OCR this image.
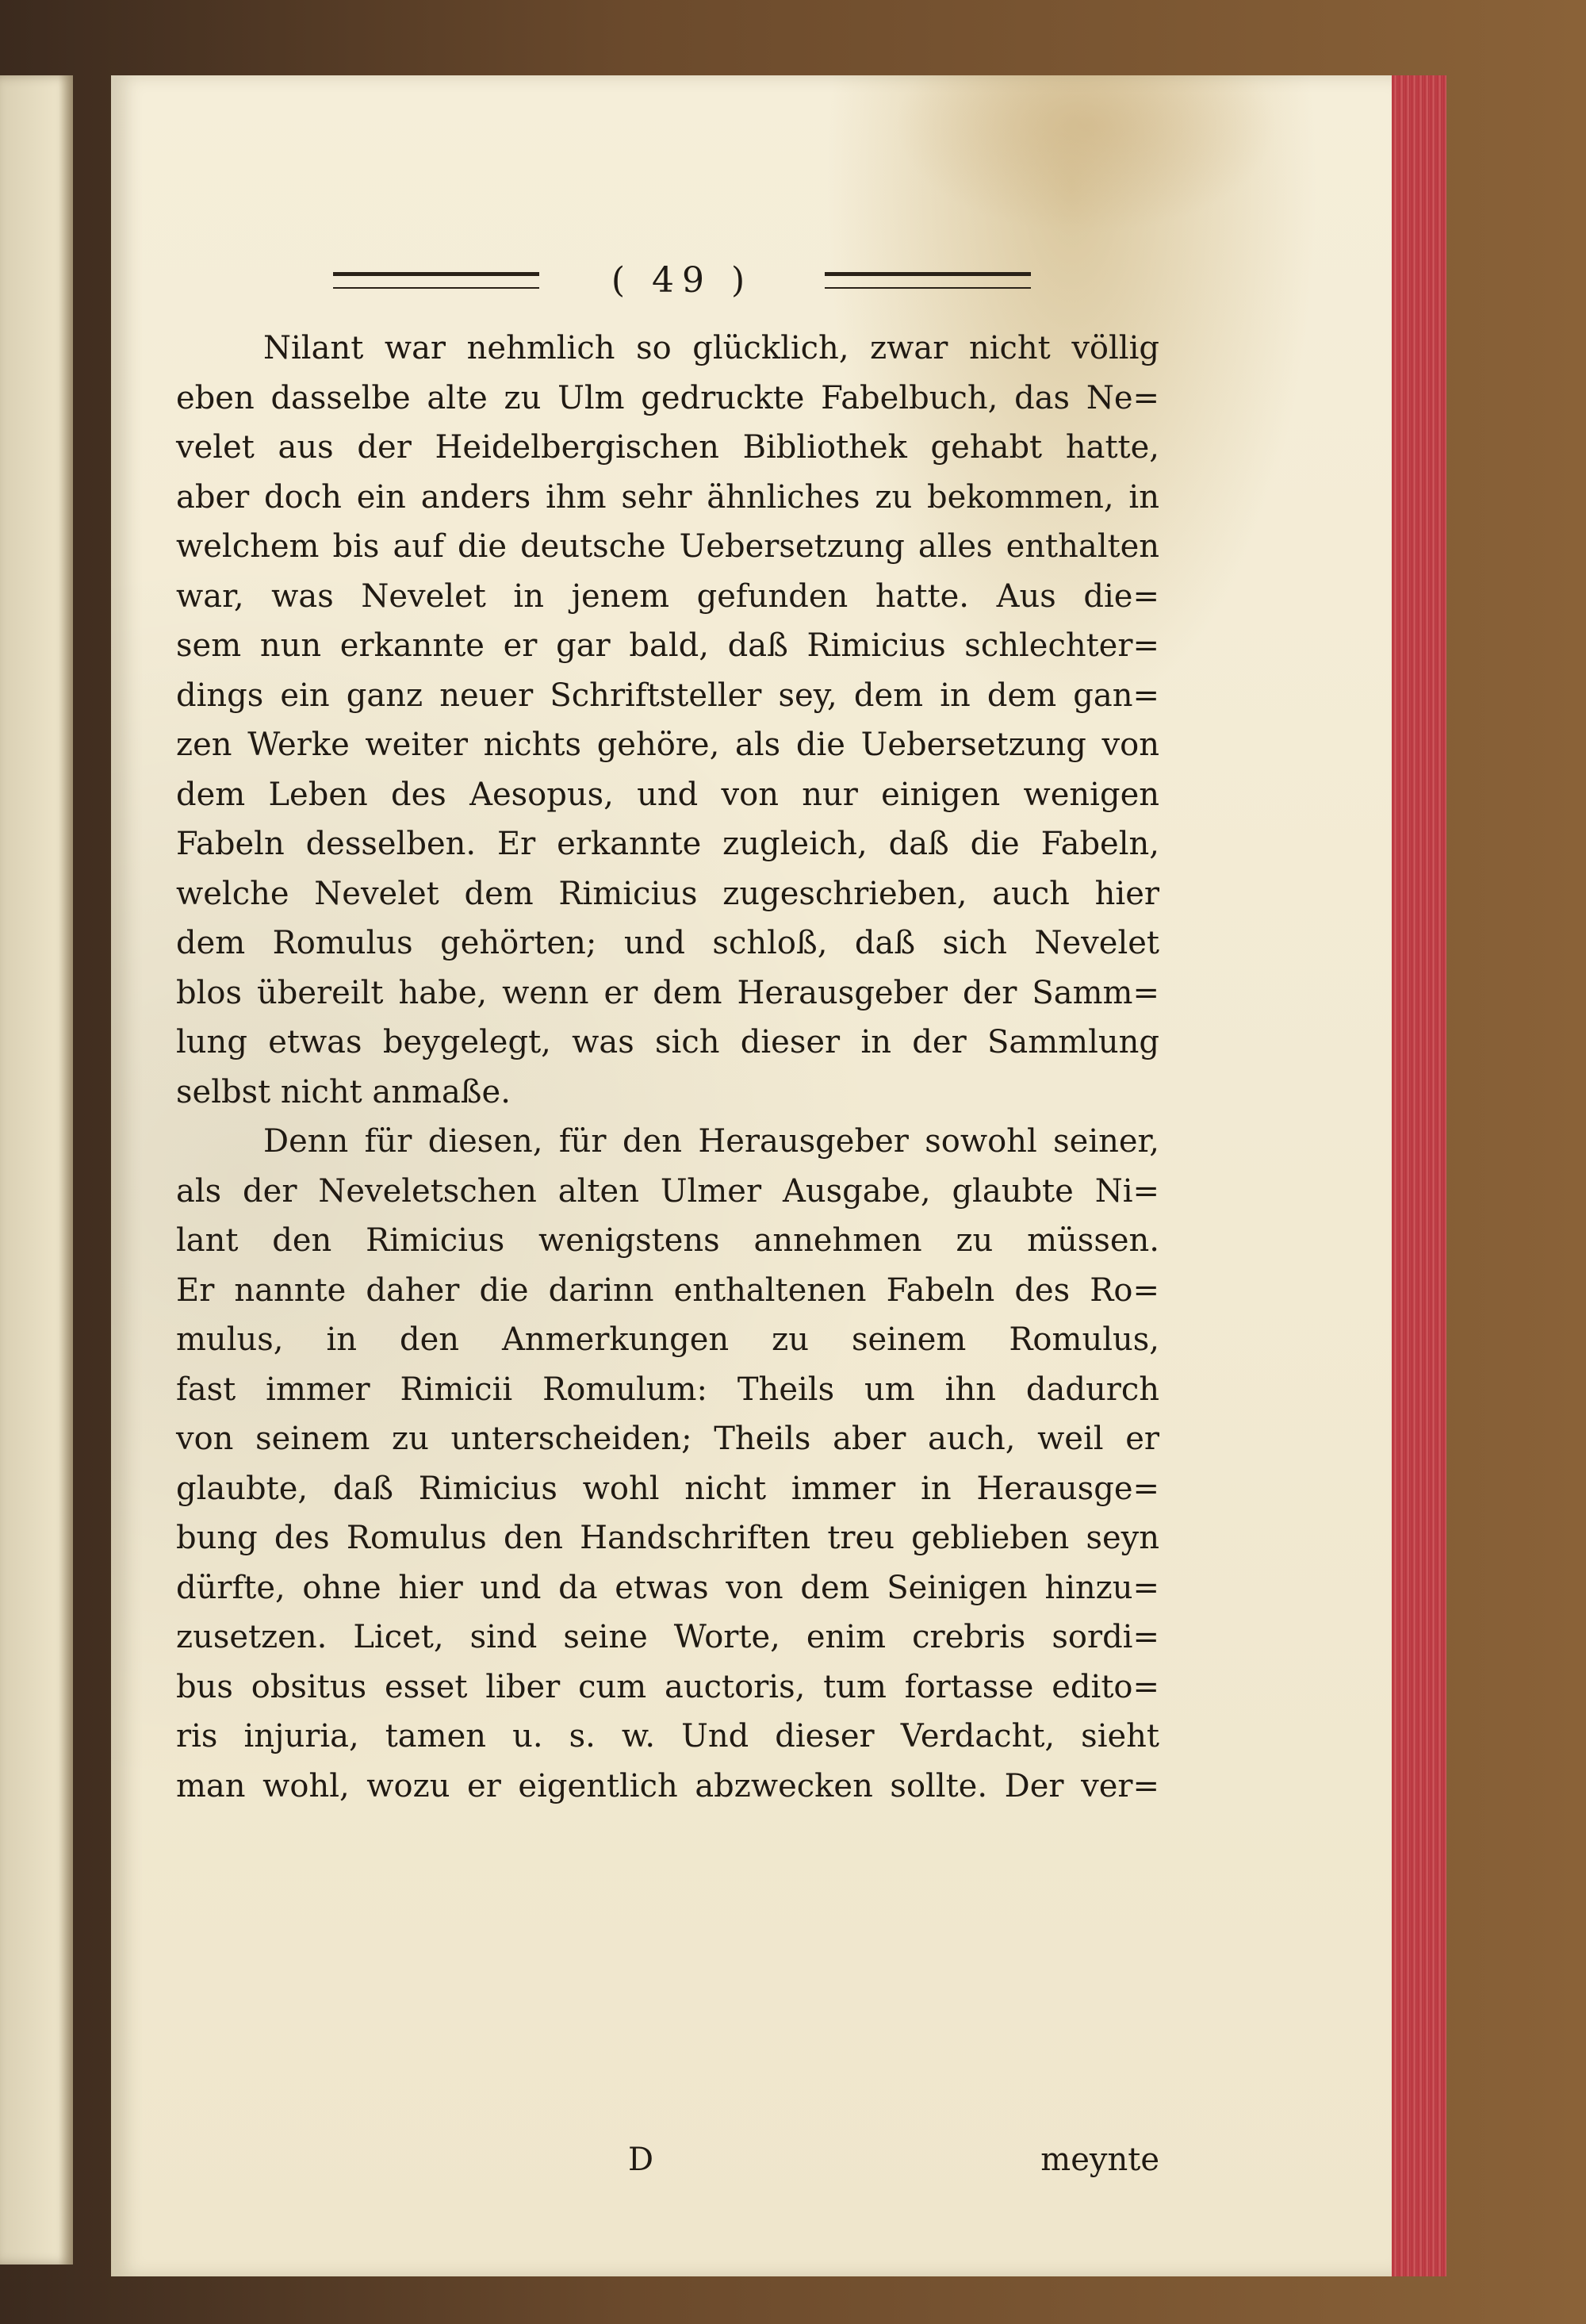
( 49 )
Nilant war nehmlich so glücklich, zwar nicht völlig
eben dasselbe alte zu Ulm gedruckte Fabelbuch, das Ne=
velet aus der Heidelbergischen Bibliothek gehabt hatte,
aber doch ein anders ihm sehr ähnliches zu bekommen, in
welchem bis auf die deutsche Uebersetzung alles enthalten
war, was Nevelet in jenem gefunden hatte. Aus die=
sem nun erkannte er gar bald, daß Rimicius schlechter=
dings ein ganz neuer Schriftsteller sey, dem in dem gan=
zen Werke weiter nichts gehöre, als die Uebersetzung von
dem Leben des Aesopus, und von nur einigen wenigen
Fabeln desselben. Er erkannte zugleich, daß die Fabeln,
welche Nevelet dem Rimicius zugeschrieben, auch hier
dem Romulus gehörten; und schloß, daß sich Nevelet
blos übereilt habe, wenn er dem Herausgeber der Samm=
lung etwas beygelegt, was sich dieser in der Sammlung
selbst nicht anmaße.
Denn für diesen, für den Herausgeber sowohl seiner,
als der Neveletschen alten Ulmer Ausgabe, glaubte Ni=
lant den Rimicius wenigstens annehmen zu müssen.
Er nannte daher die darinn enthaltenen Fabeln des Ro=
mulus, in den Anmerkungen zu seinem Romulus,
fast immer Rimicii Romulum: Theils um ihn dadurch
von seinem zu unterscheiden; Theils aber auch, weil er
glaubte, daß Rimicius wohl nicht immer in Herausge=
bung des Romulus den Handschriften treu geblieben seyn
dürfte, ohne hier und da etwas von dem Seinigen hinzu=
zusetzen. Licet, sind seine Worte, enim crebris sordi=
bus obsitus esset liber cum auctoris, tum fortasse edito=
ris injuria, tamen u. s. w. Und dieser Verdacht, sieht
man wohl, wozu er eigentlich abzwecken sollte. Der ver=
D	meynte
